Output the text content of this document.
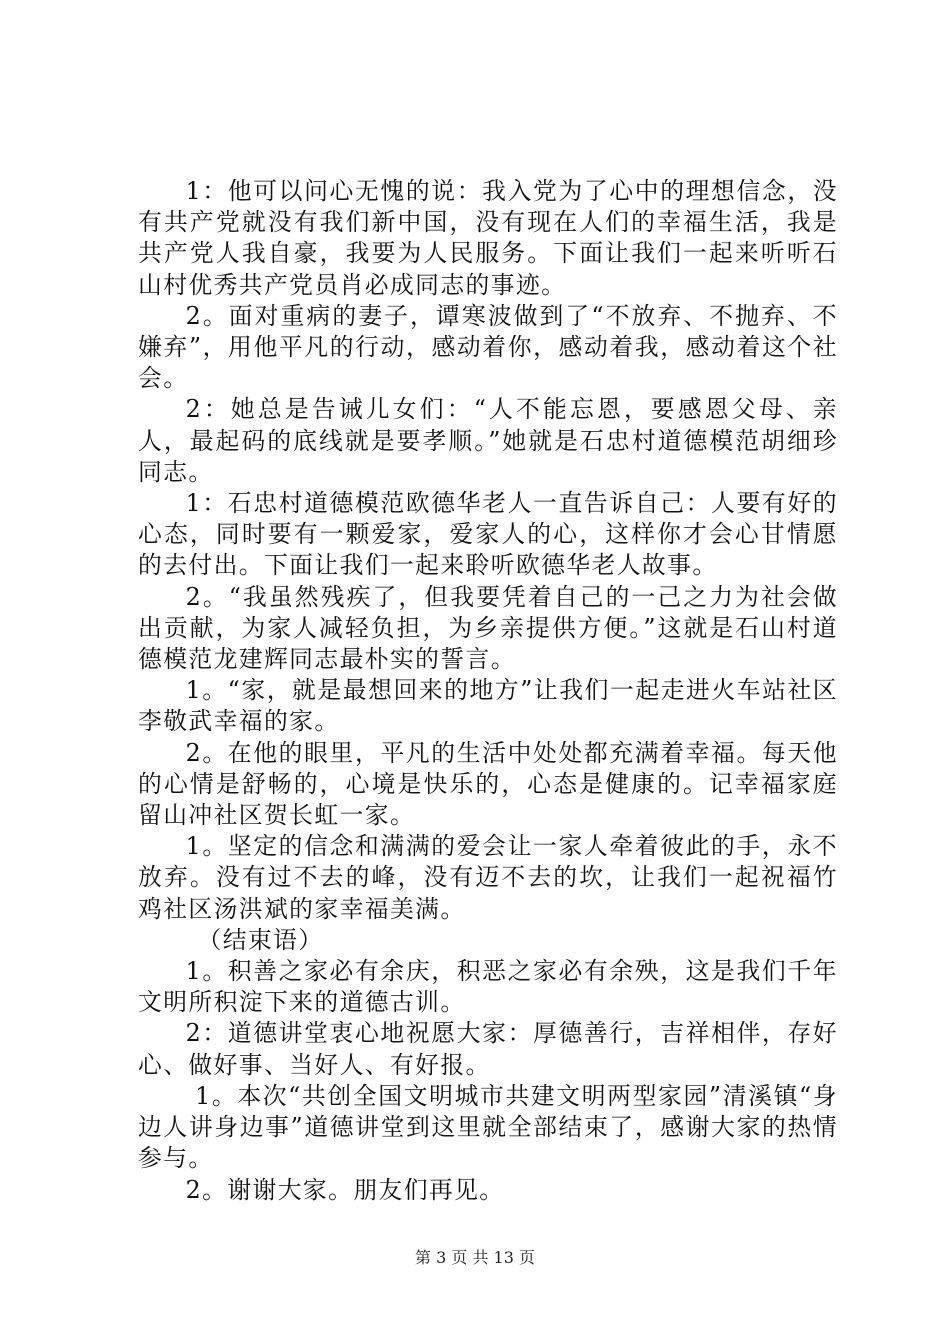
1：他可以问心无愧的说：我入党为了心中的理想信念，没有共产党就没有我们新中国，没有现在人们的幸福生活，我是共产党人我自豪，我要为人民服务。下面让我们一起来听听石山村优秀共产党员肖必成同志的事迹。

2。面对重病的妻子，谭寒波做到了“不放弃、不抛弃、不嫌弃”，用他平凡的行动，感动着你，感动着我，感动着这个社会。

2：她总是告诫儿女们：“人不能忘恩，要感恩父母、亲人，最起码的底线就是要孝顺。”她就是石忠村道德模范胡细珍同志。

1：石忠村道德模范欧德华老人一直告诉自己：人要有好的心态，同时要有一颗爱家，爱家人的心，这样你才会心甘情愿的去付出。下面让我们一起来聆听欧德华老人故事。

2。“我虽然残疾了，但我要凭着自己的一己之力为社会做出贡献，为家人减轻负担，为乡亲提供方便。”这就是石山村道德模范龙建辉同志最朴实的誓言。

1。“家，就是最想回来的地方”让我们一起走进火车站社区李敬武幸福的家。

2。在他的眼里，平凡的生活中处处都充满着幸福。每天他的心情是舒畅的，心境是快乐的，心态是健康的。记幸福家庭留山冲社区贺长虹一家。

1。坚定的信念和满满的爱会让一家人牵着彼此的手，永不放弃。没有过不去的峰，没有迈不去的坎，让我们一起祝福竹鸡社区汤洪斌的家幸福美满。

（结束语）

1。积善之家必有余庆，积恶之家必有余殃，这是我们千年文明所积淀下来的道德古训。

2：道德讲堂衷心地祝愿大家：厚德善行，吉祥相伴，存好心、做好事、当好人、有好报。

1。本次“共创全国文明城市共建文明两型家园”清溪镇“身边人讲身边事”道德讲堂到这里就全部结束了，感谢大家的热情参与。

2。谢谢大家。朋友们再见。

第 3 页 共 13 页
